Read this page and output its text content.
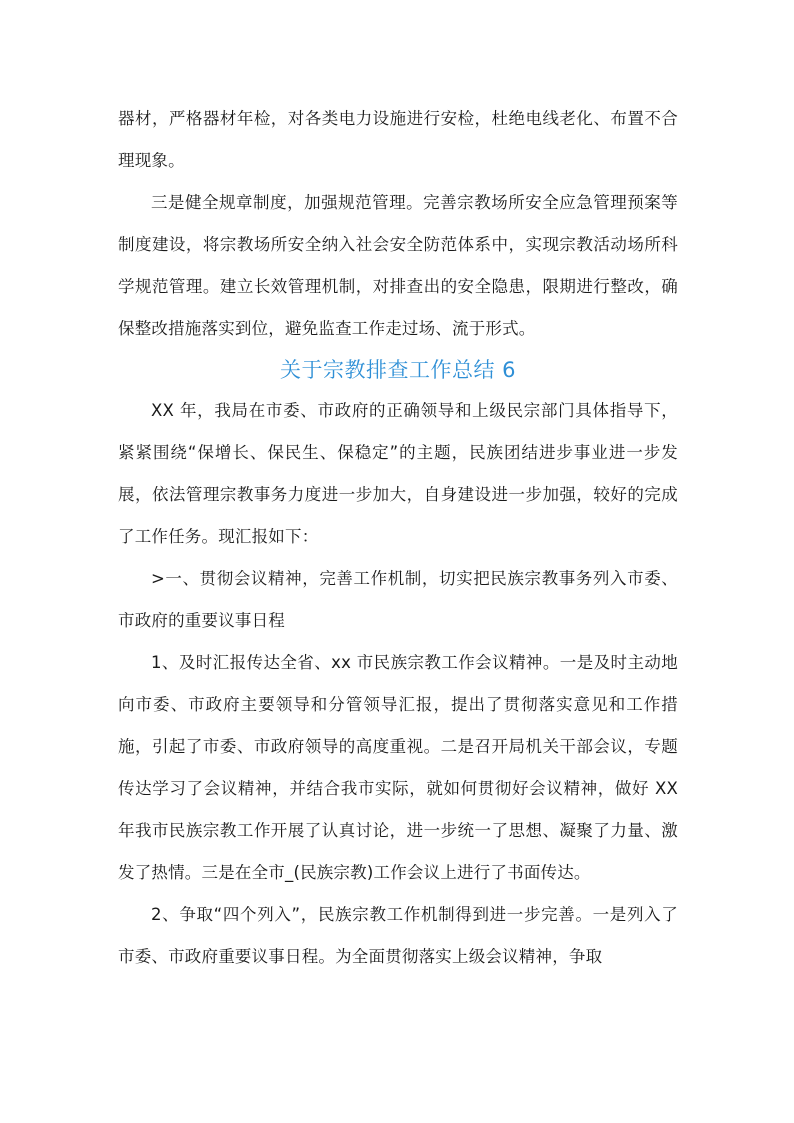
器材，严格器材年检，对各类电力设施进行安检，杜绝电线老化、布置不合理现象。

三是健全规章制度，加强规范管理。完善宗教场所安全应急管理预案等制度建设，将宗教场所安全纳入社会安全防范体系中，实现宗教活动场所科学规范管理。建立长效管理机制，对排查出的安全隐患，限期进行整改，确保整改措施落实到位，避免监查工作走过场、流于形式。

关于宗教排查工作总结 6

XX 年，我局在市委、市政府的正确领导和上级民宗部门具体指导下，紧紧围绕“保增长、保民生、保稳定”的主题，民族团结进步事业进一步发展，依法管理宗教事务力度进一步加大，自身建设进一步加强，较好的完成了工作任务。现汇报如下：

>一、贯彻会议精神，完善工作机制，切实把民族宗教事务列入市委、市政府的重要议事日程

1、及时汇报传达全省、xx 市民族宗教工作会议精神。一是及时主动地向市委、市政府主要领导和分管领导汇报，提出了贯彻落实意见和工作措施，引起了市委、市政府领导的高度重视。二是召开局机关干部会议，专题传达学习了会议精神，并结合我市实际，就如何贯彻好会议精神，做好 XX 年我市民族宗教工作开展了认真讨论，进一步统一了思想、凝聚了力量、激发了热情。三是在全市_(民族宗教)工作会议上进行了书面传达。

2、争取“四个列入”，民族宗教工作机制得到进一步完善。一是列入了市委、市政府重要议事日程。为全面贯彻落实上级会议精神，争取
